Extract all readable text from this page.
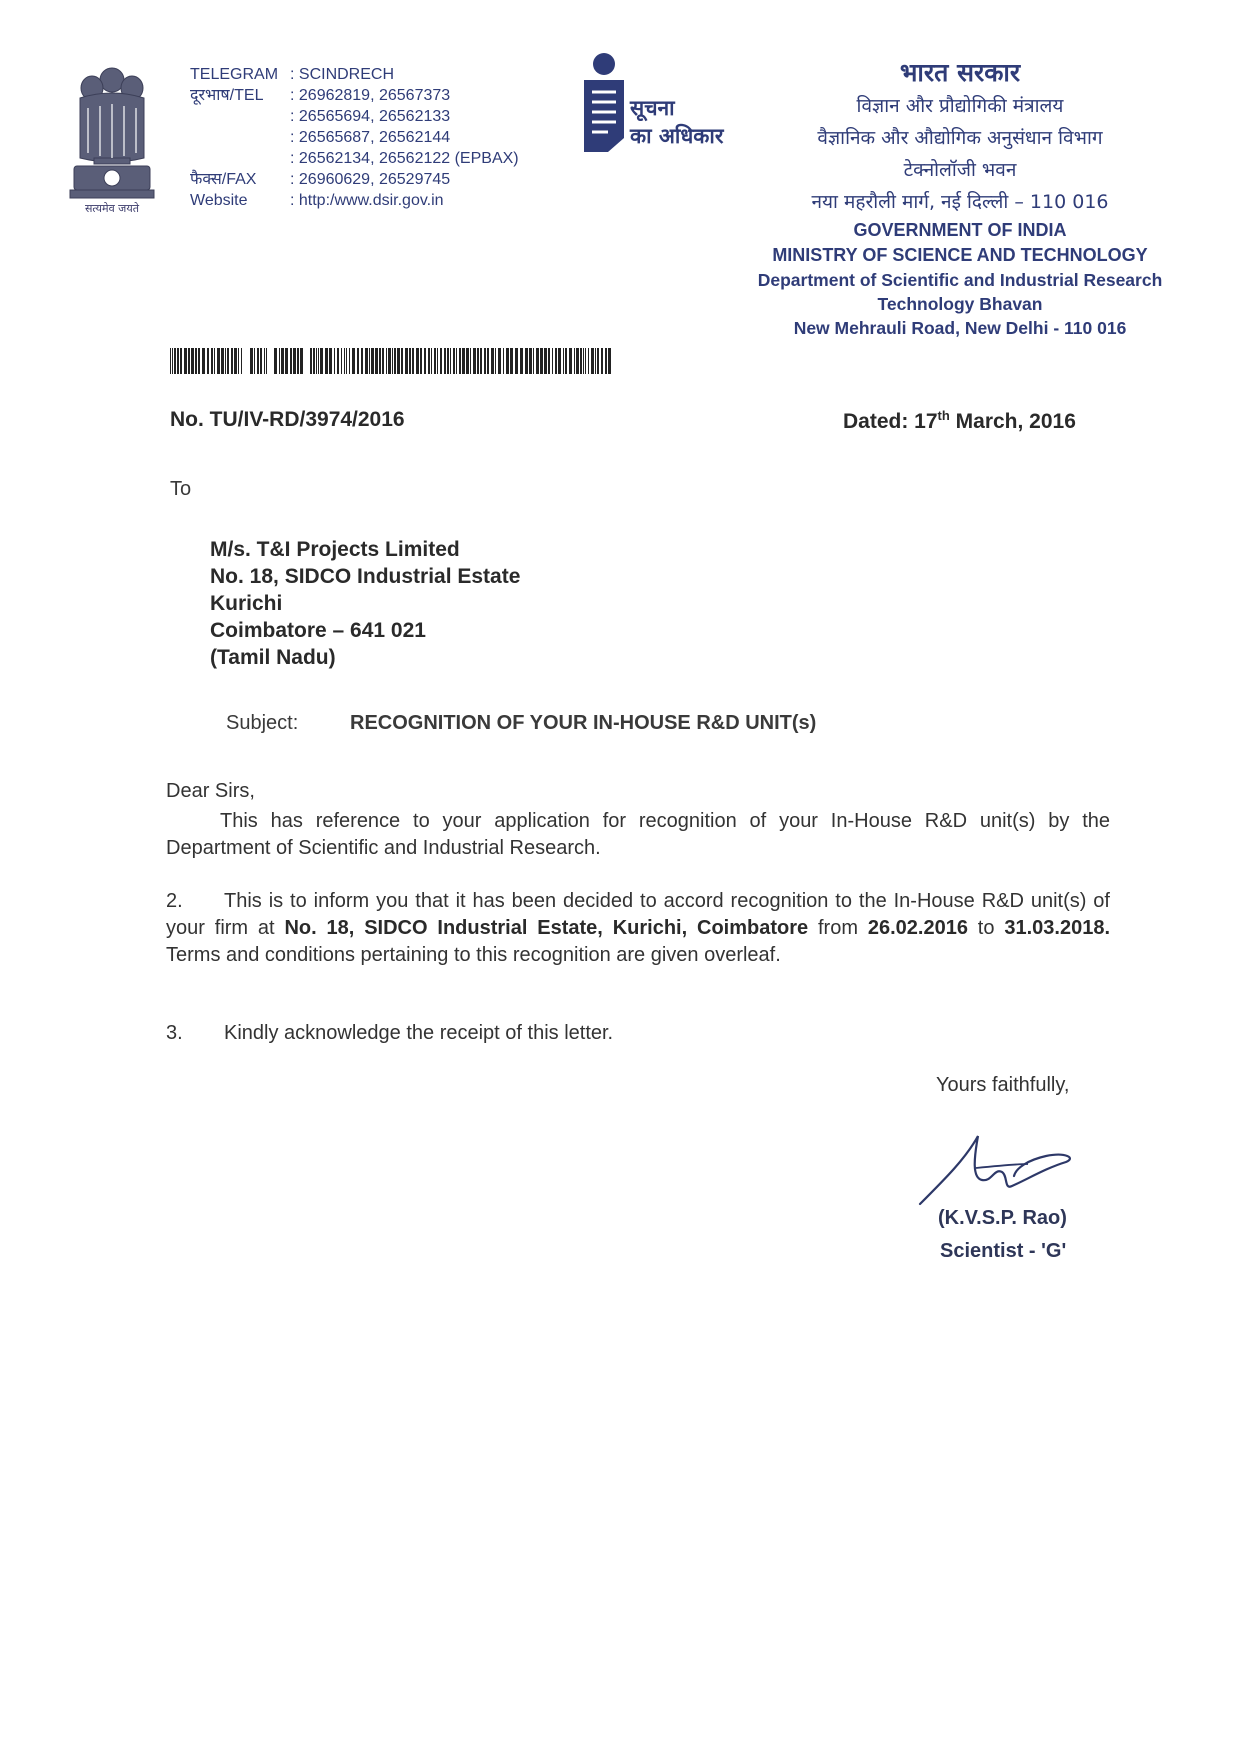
सत्यमेव जयते
TELEGRAM : SCINDRECH
दूरभाष/TEL	: 26962819, 26567373
: 26565694, 26562133
: 26565687, 26562144
: 26562134, 26562122 (EPBAX)
फैक्स/FAX	: 26960629, 26529745
Website	: http:/www.dsir.gov.in
सूचना
का अधिकार
भारत सरकार
विज्ञान और प्रौद्योगिकी मंत्रालय
वैज्ञानिक और औद्योगिक अनुसंधान विभाग
टेक्नोलॉजी भवन
नया महरौली मार्ग, नई दिल्ली – 110 016
GOVERNMENT OF INDIA
MINISTRY OF SCIENCE AND TECHNOLOGY
Department of Scientific and Industrial Research
Technology Bhavan
New Mehrauli Road, New Delhi - 110 016
No. TU/IV-RD/3974/2016	Dated: 17th March, 2016
To
M/s. T&I Projects Limited
No. 18, SIDCO Industrial Estate
Kurichi
Coimbatore – 641 021
(Tamil Nadu)
Subject:	RECOGNITION OF YOUR IN-HOUSE R&D UNIT(s)
Dear Sirs,
This has reference to your application for recognition of your In-House R&D unit(s) by the Department of Scientific and Industrial Research.
2. This is to inform you that it has been decided to accord recognition to the In-House R&D unit(s) of your firm at No. 18, SIDCO Industrial Estate, Kurichi, Coimbatore from 26.02.2016 to 31.03.2018. Terms and conditions pertaining to this recognition are given overleaf.
3. Kindly acknowledge the receipt of this letter.
Yours faithfully,
(K.V.S.P. Rao)
Scientist - 'G'
